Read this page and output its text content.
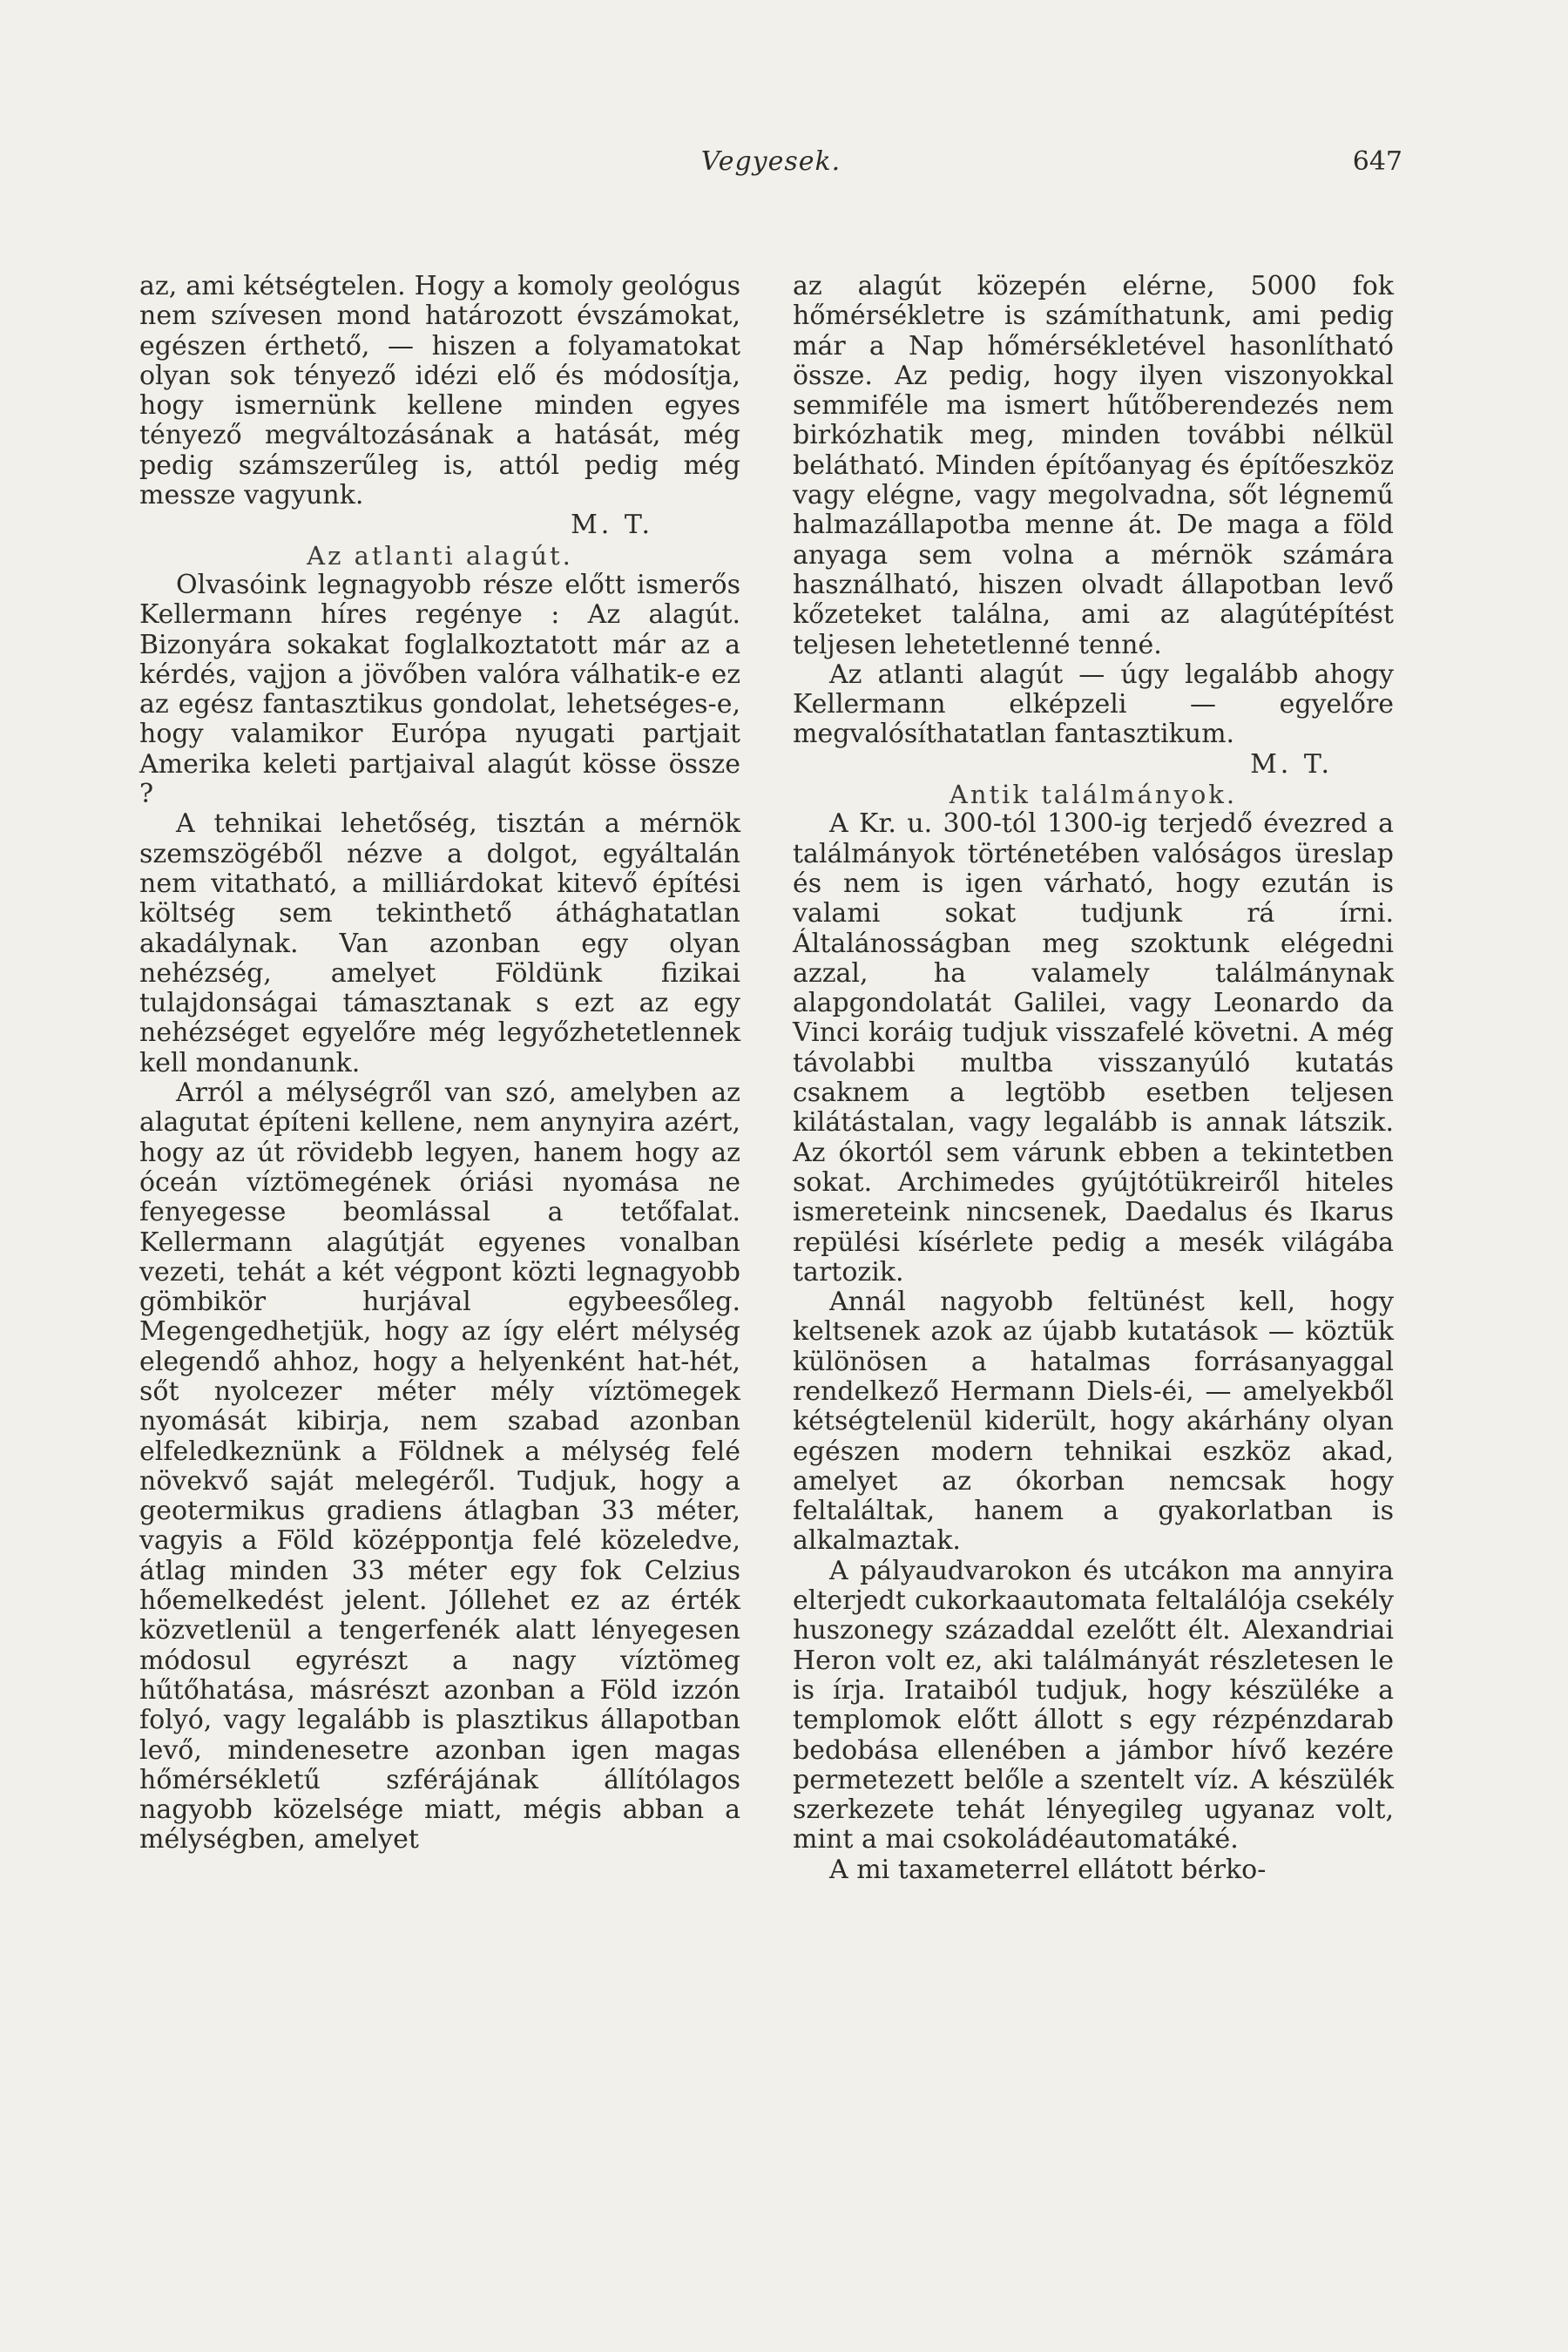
Vegyesek.	647

az, ami kétségtelen. Hogy a komoly geológus nem szívesen mond határozott évszámokat, egészen érthető, — hiszen a folyamatokat olyan sok tényező idézi elő és módosítja, hogy ismernünk kellene minden egyes tényező megváltozásának a hatását, még pedig számszerűleg is, attól pedig még messze vagyunk.

M. T.

Az atlanti alagút.

Olvasóink legnagyobb része előtt ismerős Kellermann híres regénye : Az alagút. Bizonyára sokakat foglalkoztatott már az a kérdés, vajjon a jövőben valóra válhatik-e ez az egész fantasztikus gondolat, lehetséges-e, hogy valamikor Európa nyugati partjait Amerika keleti partjaival alagút kösse össze ?

A tehnikai lehetőség, tisztán a mérnök szemszögéből nézve a dolgot, egyáltalán nem vitatható, a milliárdokat kitevő építési költség sem tekinthető áthághatatlan akadálynak. Van azonban egy olyan nehézség, amelyet Földünk fizikai tulajdonságai támasztanak s ezt az egy nehézséget egyelőre még legyőzhetetlennek kell mondanunk.

Arról a mélységről van szó, amelyben az alagutat építeni kellene, nem anynyira azért, hogy az út rövidebb legyen, hanem hogy az óceán víztömegének óriási nyomása ne fenyegesse beomlással a tetőfalat. Kellermann alagútját egyenes vonalban vezeti, tehát a két végpont közti legnagyobb gömbikör hurjával egybeesőleg. Megengedhetjük, hogy az így elért mélység elegendő ahhoz, hogy a helyenként hat-hét, sőt nyolcezer méter mély víztömegek nyomását kibirja, nem szabad azonban elfeledkeznünk a Földnek a mélység felé növekvő saját melegéről. Tudjuk, hogy a geotermikus gradiens átlagban 33 méter, vagyis a Föld középpontja felé közeledve, átlag minden 33 méter egy fok Celzius hőemelkedést jelent. Jóllehet ez az érték közvetlenül a tengerfenék alatt lényegesen módosul egyrészt a nagy víztömeg hűtőhatása, másrészt azonban a Föld izzón folyó, vagy legalább is plasztikus állapotban levő, mindenesetre azonban igen magas hőmérsékletű szférájának állítólagos nagyobb közelsége miatt, mégis abban a mélységben, amelyet

az alagút közepén elérne, 5000 fok hőmérsékletre is számíthatunk, ami pedig már a Nap hőmérsékletével hasonlítható össze. Az pedig, hogy ilyen viszonyokkal semmiféle ma ismert hűtőberendezés nem birkózhatik meg, minden további nélkül belátható. Minden építőanyag és építőeszköz vagy elégne, vagy megolvadna, sőt légnemű halmazállapotba menne át. De maga a föld anyaga sem volna a mérnök számára használható, hiszen olvadt állapotban levő kőzeteket találna, ami az alagútépítést teljesen lehetetlenné tenné.

Az atlanti alagút — úgy legalább ahogy Kellermann elképzeli — egyelőre megvalósíthatatlan fantasztikum.

M. T.

Antik találmányok.

A Kr. u. 300-tól 1300-ig terjedő évezred a találmányok történetében valóságos üreslap és nem is igen várható, hogy ezután is valami sokat tudjunk rá írni. Általánosságban meg szoktunk elégedni azzal, ha valamely találmánynak alapgondolatát Galilei, vagy Leonardo da Vinci koráig tudjuk visszafelé követni. A még távolabbi multba visszanyúló kutatás csaknem a legtöbb esetben teljesen kilátástalan, vagy legalább is annak látszik. Az ókortól sem várunk ebben a tekintetben sokat. Archimedes gyújtótükreiről hiteles ismereteink nincsenek, Daedalus és Ikarus repülési kísérlete pedig a mesék világába tartozik.

Annál nagyobb feltünést kell, hogy keltsenek azok az újabb kutatások — köztük különösen a hatalmas forrásanyaggal rendelkező Hermann Diels-éi, — amelyekből kétségtelenül kiderült, hogy akárhány olyan egészen modern tehnikai eszköz akad, amelyet az ókorban nemcsak hogy feltaláltak, hanem a gyakorlatban is alkalmaztak.

A pályaudvarokon és utcákon ma annyira elterjedt cukorkaautomata feltalálója csekély huszonegy századdal ezelőtt élt. Alexandriai Heron volt ez, aki találmányát részletesen le is írja. Irataiból tudjuk, hogy készüléke a templomok előtt állott s egy rézpénzdarab bedobása ellenében a jámbor hívő kezére permetezett belőle a szentelt víz. A készülék szerkezete tehát lényegileg ugyanaz volt, mint a mai csokoládéautomatáké.

A mi taxameterrel ellátott bérko-
